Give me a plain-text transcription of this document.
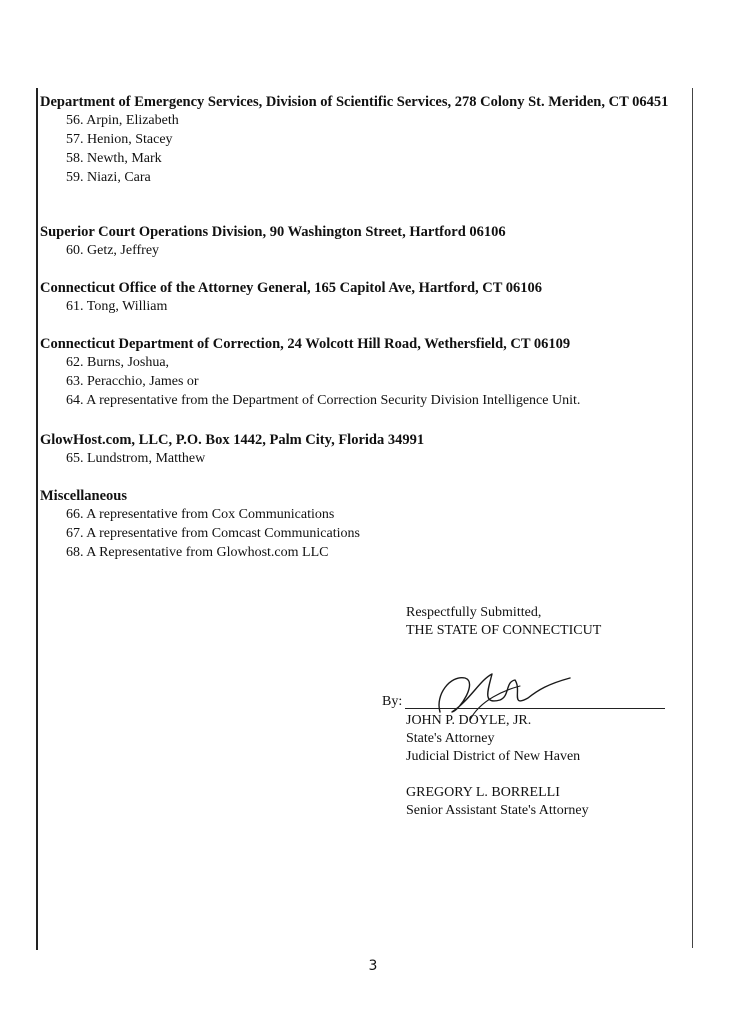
Department of Emergency Services, Division of Scientific Services, 278 Colony St. Meriden, CT 06451

56. Arpin, Elizabeth

57. Henion, Stacey

58. Newth, Mark

59. Niazi, Cara

Superior Court Operations Division, 90 Washington Street, Hartford 06106

60. Getz, Jeffrey

Connecticut Office of the Attorney General, 165 Capitol Ave, Hartford, CT 06106

61. Tong, William

Connecticut Department of Correction, 24 Wolcott Hill Road, Wethersfield, CT 06109

62. Burns, Joshua,

63. Peracchio, James or

64. A representative from the Department of Correction Security Division Intelligence Unit.

GlowHost.com, LLC, P.O. Box 1442, Palm City, Florida 34991

65. Lundstrom, Matthew

Miscellaneous

66. A representative from Cox Communications

67. A representative from Comcast Communications

68. A Representative from Glowhost.com LLC

Respectfully Submitted,

THE STATE OF CONNECTICUT

By:

JOHN P. DOYLE, JR.

State's Attorney

Judicial District of New Haven

GREGORY L. BORRELLI

Senior Assistant State's Attorney

3
